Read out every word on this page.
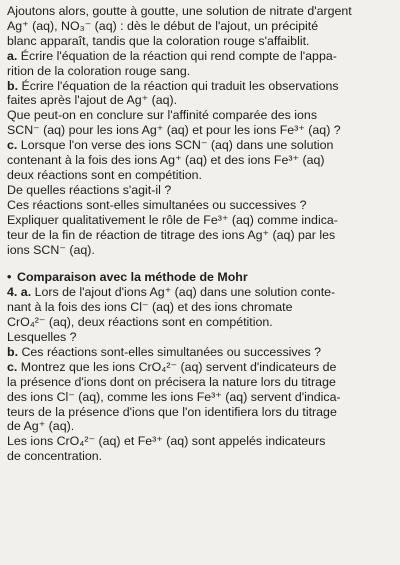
Ajoutons alors, goutte à goutte, une solution de nitrate d'argent
Ag⁺ (aq), NO₃⁻ (aq) : dès le début de l'ajout, un précipité
blanc apparaît, tandis que la coloration rouge s'affaiblit.
a. Écrire l'équation de la réaction qui rend compte de l'appa-
rition de la coloration rouge sang.
b. Écrire l'équation de la réaction qui traduit les observations
faites après l'ajout de Ag⁺ (aq).
Que peut-on en conclure sur l'affinité comparée des ions
SCN⁻ (aq) pour les ions Ag⁺ (aq) et pour les ions Fe³⁺ (aq) ?
c. Lorsque l'on verse des ions SCN⁻ (aq) dans une solution
contenant à la fois des ions Ag⁺ (aq) et des ions Fe³⁺ (aq)
deux réactions sont en compétition.
De quelles réactions s'agit-il ?
Ces réactions sont-elles simultanées ou successives ?
Expliquer qualitativement le rôle de Fe³⁺ (aq) comme indica-
teur de la fin de réaction de titrage des ions Ag⁺ (aq) par les
ions SCN⁻ (aq).
• Comparaison avec la méthode de Mohr
4. a. Lors de l'ajout d'ions Ag⁺ (aq) dans une solution conte-
nant à la fois des ions Cl⁻ (aq) et des ions chromate
CrO₄²⁻ (aq), deux réactions sont en compétition.
Lesquelles ?
b. Ces réactions sont-elles simultanées ou successives ?
c. Montrez que les ions CrO₄²⁻ (aq) servent d'indicateurs de
la présence d'ions dont on précisera la nature lors du titrage
des ions Cl⁻ (aq), comme les ions Fe³⁺ (aq) servent d'indica-
teurs de la présence d'ions que l'on identifiera lors du titrage
de Ag⁺ (aq).
Les ions CrO₄²⁻ (aq) et Fe³⁺ (aq) sont appelés indicateurs
de concentration.
